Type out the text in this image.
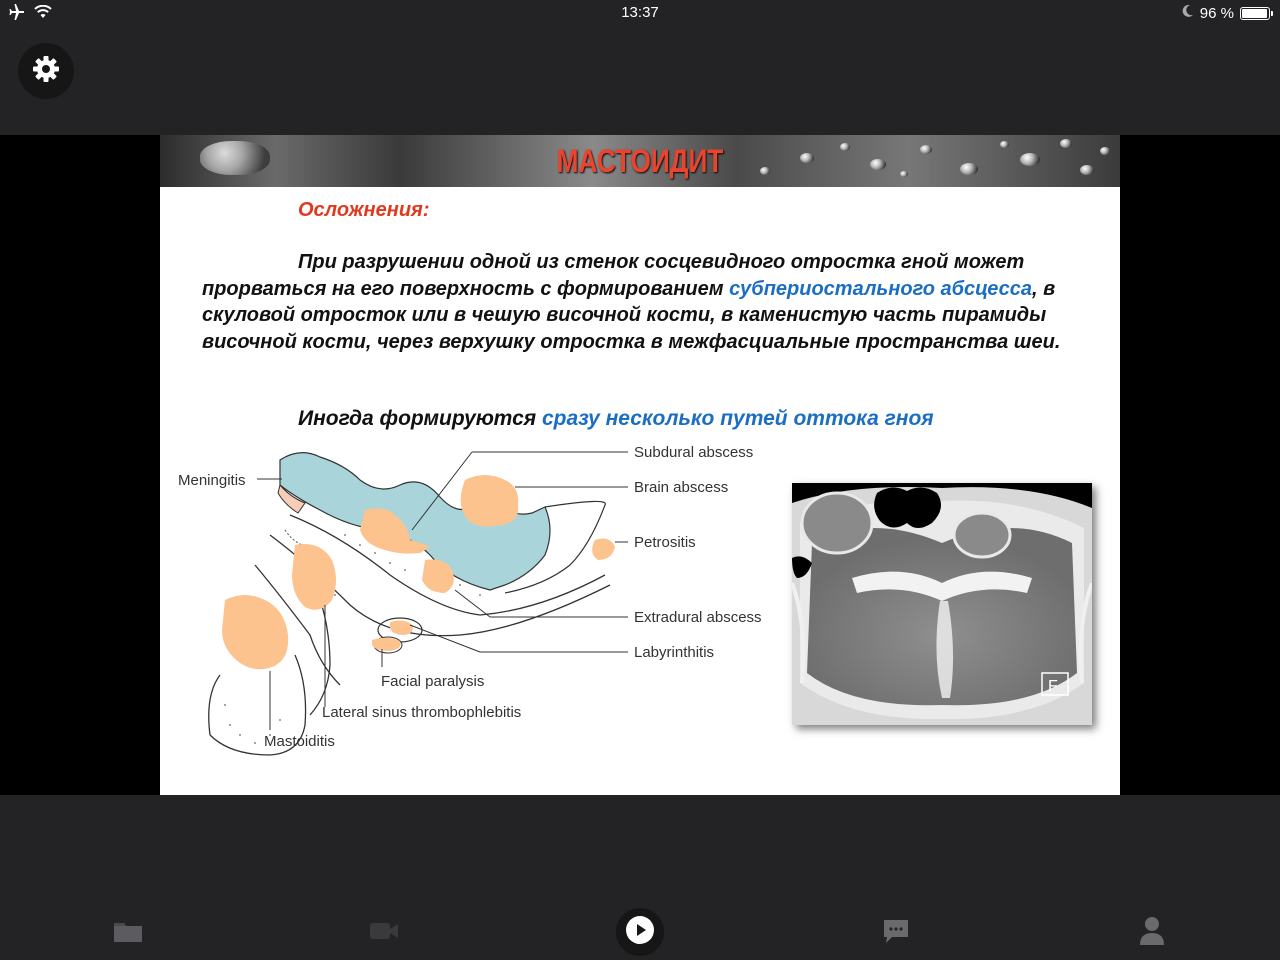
13:37	96 %
МАСТОИДИТ
Осложнения:
При разрушении одной из стенок сосцевидного отростка гной может прорваться на его поверхность с формированием субпериостального абсцесса, в скуловой отросток или в чешую височной кости, в каменистую часть пирамиды височной кости, через верхушку отростка в межфасциальные пространства шеи.
Иногда формируются сразу несколько путей оттока гноя
Meningitis
Subdural abscess
Brain abscess
Petrositis
Extradural abscess
Labyrinthitis
Facial paralysis
Lateral sinus thrombophlebitis
Mastoiditis
F
